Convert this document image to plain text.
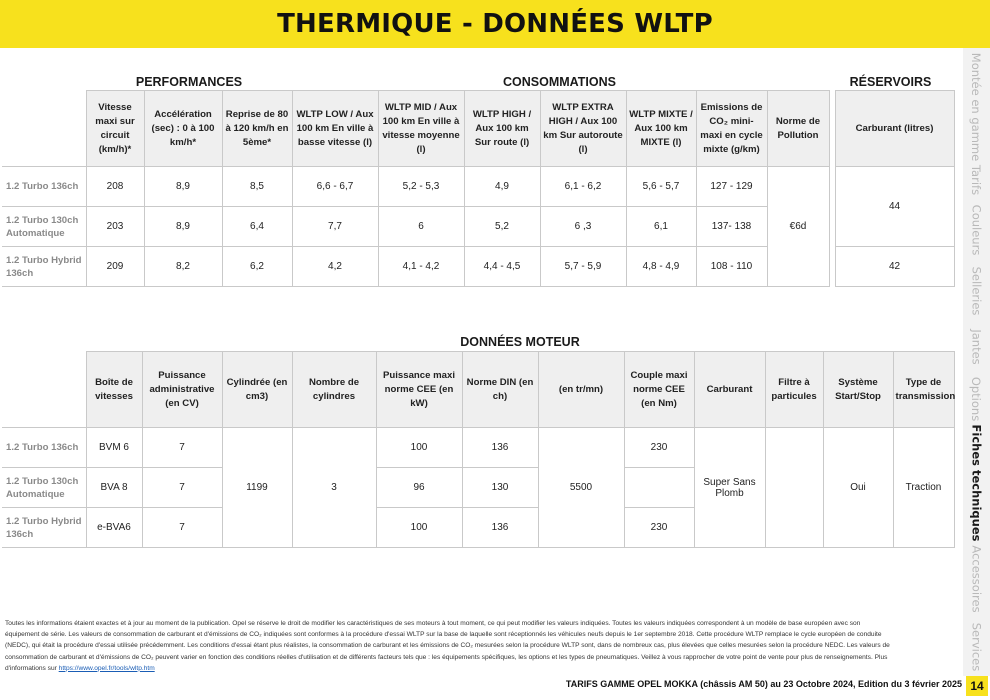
THERMIQUE - DONNÉES WLTP
Montée en gamme
Tarifs
Couleurs
Selleries
Jantes
Options
Fiches techniques
Accessoires
Services
14
PERFORMANCES	CONSOMMATIONS	RÉSERVOIRS
	Vitesse maxi sur circuit (km/h)*	Accélération (sec) : 0 à 100 km/h*	Reprise de 80 à 120 km/h en 5ème*	WLTP LOW / Aux 100 km En ville à basse vitesse (l)	WLTP MID / Aux 100 km En ville à vitesse moyenne (l)	WLTP HIGH / Aux 100 km Sur route (l)	WLTP EXTRA HIGH / Aux 100 km Sur autoroute (l)	WLTP MIXTE / Aux 100 km MIXTE (l)	Emissions de CO₂ mini-maxi en cycle mixte (g/km)	Norme de Pollution		Carburant (litres)
1.2 Turbo 136ch	208	8,9	8,5	6,6 - 6,7	5,2 - 5,3	4,9	6,1 - 6,2	5,6 - 5,7	127 - 129	€6d		44
1.2 Turbo 130ch Automatique	203	8,9	6,4	7,7	6	5,2	6 ,3	6,1	137- 138			
1.2 Turbo Hybrid 136ch	209	8,2	6,2	4,2	4,1 - 4,2	4,4 - 4,5	5,7 - 5,9	4,8 - 4,9	108 - 110			42
DONNÉES MOTEUR
	Boîte de vitesses	Puissance administrative (en CV)	Cylindrée (en cm3)	Nombre de cylindres	Puissance maxi norme CEE (en kW)	Norme DIN (en ch)	(en tr/mn)	Couple maxi norme CEE (en Nm)	Carburant	Filtre à particules	Système Start/Stop	Type de transmission
1.2 Turbo 136ch	BVM 6	7	1199	3	100	136	5500	230	Super Sans Plomb		Oui	Traction
1.2 Turbo 130ch Automatique	BVA 8	7			96	130						
1.2 Turbo Hybrid 136ch	e-BVA6	7			100	136		230				
Toutes les informations étaient exactes et à jour au moment de la publication. Opel se réserve le droit de modifier les caractéristiques de ses moteurs à tout moment, ce qui peut modifier les valeurs indiquées. Toutes les valeurs indiquées correspondent à un modèle de base européen avec son équipement de série. Les valeurs de consommation de carburant et d'émissions de CO₂ indiquées sont conformes à la procédure d'essai WLTP sur la base de laquelle sont réceptionnés les véhicules neufs depuis le 1er septembre 2018. Cette procédure WLTP remplace le cycle européen de conduite (NEDC), qui était la procédure d'essai utilisée précédemment. Les conditions d'essai étant plus réalistes, la consommation de carburant et les émissions de CO₂ mesurées selon la procédure WLTP sont, dans de nombreux cas, plus élevées que celles mesurées selon la procédure NEDC. Les valeurs de consommation de carburant et d'émissions de CO₂ peuvent varier en fonction des conditions réelles d'utilisation et de différents facteurs tels que : les équipements spécifiques, les options et les types de pneumatiques. Veillez à vous rapprocher de votre point de vente pour plus de renseignements. Plus d'informations sur https://www.opel.fr/tools/wltp.htm
TARIFS GAMME OPEL MOKKA (châssis AM 50) au 23 Octobre 2024, Edition du 3 février 2025
